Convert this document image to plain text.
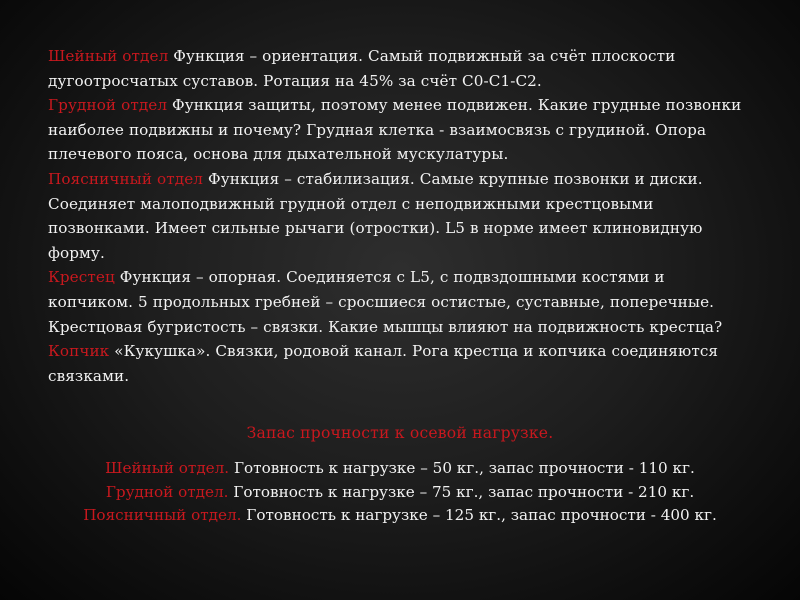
Шейный отдел Функция – ориентация. Самый подвижный за счёт плоскости дугоотросчатых суставов. Ротация на 45% за счёт С0-С1-С2.

Грудной отдел Функция защиты, поэтому менее подвижен. Какие грудные позвонки наиболее подвижны и почему? Грудная клетка - взаимосвязь с грудиной. Опора плечевого пояса, основа для дыхательной мускулатуры.

Поясничный отдел Функция – стабилизация. Самые крупные позвонки и диски. Соединяет малоподвижный грудной отдел с неподвижными крестцовыми позвонками. Имеет сильные рычаги (отростки). L5 в норме имеет клиновидную форму.

Крестец Функция – опорная. Соединяется с L5, с подвздошными костями и копчиком. 5 продольных гребней – сросшиеся остистые, суставные, поперечные. Крестцовая бугристость – связки. Какие мышцы влияют на подвижность крестца?

Копчик «Кукушка». Связки, родовой канал. Рога крестца и копчика соединяются связками.

Запас прочности к осевой нагрузке.

Шейный отдел. Готовность к нагрузке – 50 кг., запас прочности - 110 кг.

Грудной отдел. Готовность к нагрузке – 75 кг., запас прочности - 210 кг.

Поясничный отдел. Готовность к нагрузке – 125 кг., запас прочности - 400 кг.
